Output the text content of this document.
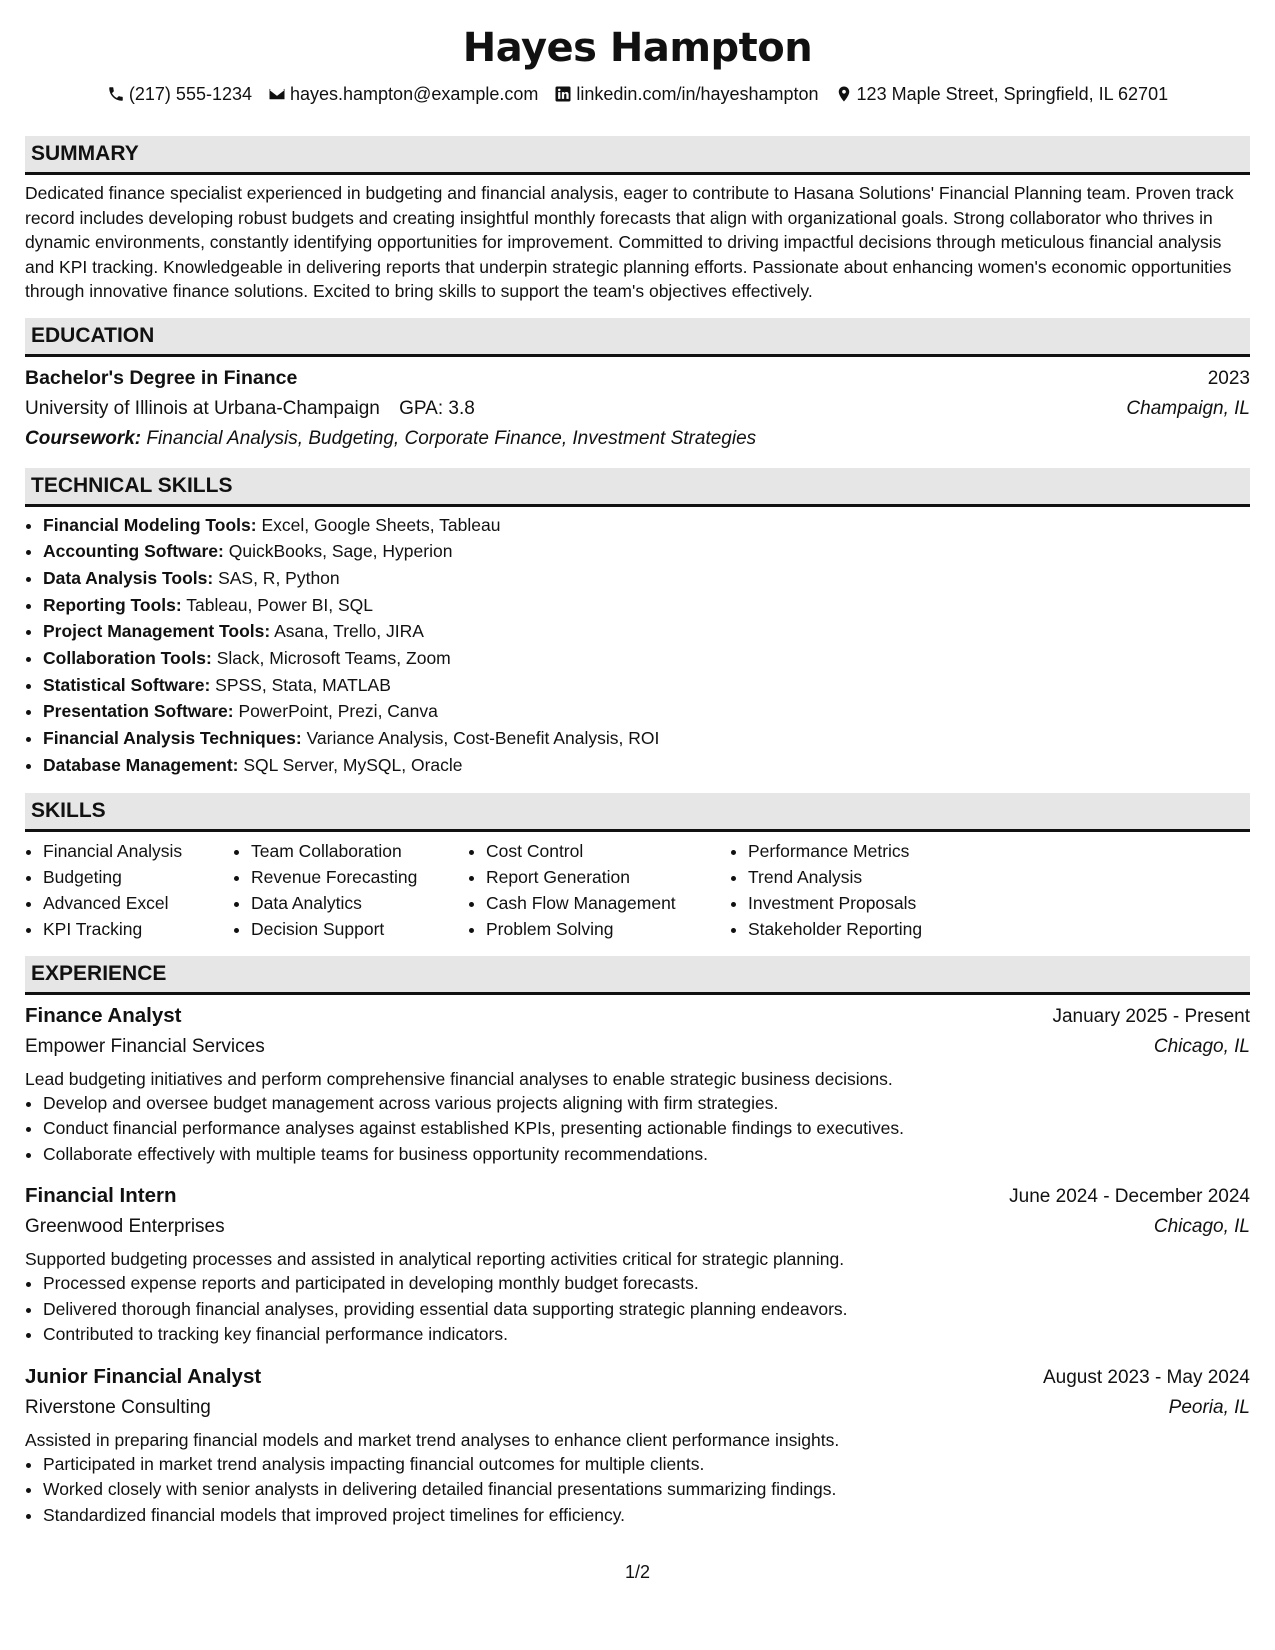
Hayes Hampton
(217) 555-1234 hayes.hampton@example.com linkedin.com/in/hayeshampton 123 Maple Street, Springfield, IL 62701
SUMMARY
Dedicated finance specialist experienced in budgeting and financial analysis, eager to contribute to Hasana Solutions' Financial Planning team. Proven track record includes developing robust budgets and creating insightful monthly forecasts that align with organizational goals. Strong collaborator who thrives in dynamic environments, constantly identifying opportunities for improvement. Committed to driving impactful decisions through meticulous financial analysis and KPI tracking. Knowledgeable in delivering reports that underpin strategic planning efforts. Passionate about enhancing women's economic opportunities through innovative finance solutions. Excited to bring skills to support the team's objectives effectively.
EDUCATION
Bachelor's Degree in Finance	2023
University of Illinois at Urbana-Champaign GPA: 3.8	Champaign, IL
Coursework: Financial Analysis, Budgeting, Corporate Finance, Investment Strategies
TECHNICAL SKILLS
• Financial Modeling Tools: Excel, Google Sheets, Tableau
• Accounting Software: QuickBooks, Sage, Hyperion
• Data Analysis Tools: SAS, R, Python
• Reporting Tools: Tableau, Power BI, SQL
• Project Management Tools: Asana, Trello, JIRA
• Collaboration Tools: Slack, Microsoft Teams, Zoom
• Statistical Software: SPSS, Stata, MATLAB
• Presentation Software: PowerPoint, Prezi, Canva
• Financial Analysis Techniques: Variance Analysis, Cost-Benefit Analysis, ROI
• Database Management: SQL Server, MySQL, Oracle
SKILLS
• Financial Analysis
• Budgeting
• Advanced Excel
• KPI Tracking
• Team Collaboration
• Revenue Forecasting
• Data Analytics
• Decision Support
• Cost Control
• Report Generation
• Cash Flow Management
• Problem Solving
• Performance Metrics
• Trend Analysis
• Investment Proposals
• Stakeholder Reporting
EXPERIENCE
Finance Analyst	January 2025 - Present
Empower Financial Services	Chicago, IL
Lead budgeting initiatives and perform comprehensive financial analyses to enable strategic business decisions.
• Develop and oversee budget management across various projects aligning with firm strategies.
• Conduct financial performance analyses against established KPIs, presenting actionable findings to executives.
• Collaborate effectively with multiple teams for business opportunity recommendations.
Financial Intern	June 2024 - December 2024
Greenwood Enterprises	Chicago, IL
Supported budgeting processes and assisted in analytical reporting activities critical for strategic planning.
• Processed expense reports and participated in developing monthly budget forecasts.
• Delivered thorough financial analyses, providing essential data supporting strategic planning endeavors.
• Contributed to tracking key financial performance indicators.
Junior Financial Analyst	August 2023 - May 2024
Riverstone Consulting	Peoria, IL
Assisted in preparing financial models and market trend analyses to enhance client performance insights.
• Participated in market trend analysis impacting financial outcomes for multiple clients.
• Worked closely with senior analysts in delivering detailed financial presentations summarizing findings.
• Standardized financial models that improved project timelines for efficiency.
1/2
